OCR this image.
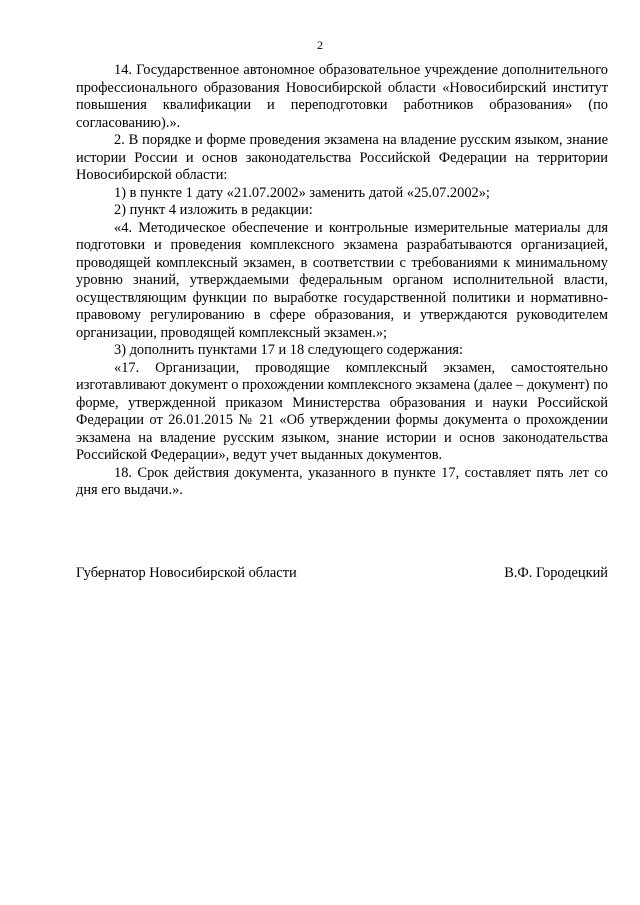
2

14. Государственное автономное образовательное учреждение дополнительного профессионального образования Новосибирской области «Новосибирский институт повышения квалификации и переподготовки работников образования» (по согласованию).».

2. В порядке и форме проведения экзамена на владение русским языком, знание истории России и основ законодательства Российской Федерации на территории Новосибирской области:

1) в пункте 1 дату «21.07.2002» заменить датой «25.07.2002»;

2) пункт 4 изложить в редакции:

«4. Методическое обеспечение и контрольные измерительные материалы для подготовки и проведения комплексного экзамена разрабатываются организацией, проводящей комплексный экзамен, в соответствии с требованиями к минимальному уровню знаний, утверждаемыми федеральным органом исполнительной власти, осуществляющим функции по выработке государственной политики и нормативно-правовому регулированию в сфере образования, и утверждаются руководителем организации, проводящей комплексный экзамен.»;

3) дополнить пунктами 17 и 18 следующего содержания:

«17. Организации, проводящие комплексный экзамен, самостоятельно изготавливают документ о прохождении комплексного экзамена (далее – документ) по форме, утвержденной приказом Министерства образования и науки Российской Федерации от 26.01.2015 № 21 «Об утверждении формы документа о прохождении экзамена на владение русским языком, знание истории и основ законодательства Российской Федерации», ведут учет выданных документов.

18. Срок действия документа, указанного в пункте 17, составляет пять лет со дня его выдачи.».

Губернатор Новосибирской области	В.Ф. Городецкий
